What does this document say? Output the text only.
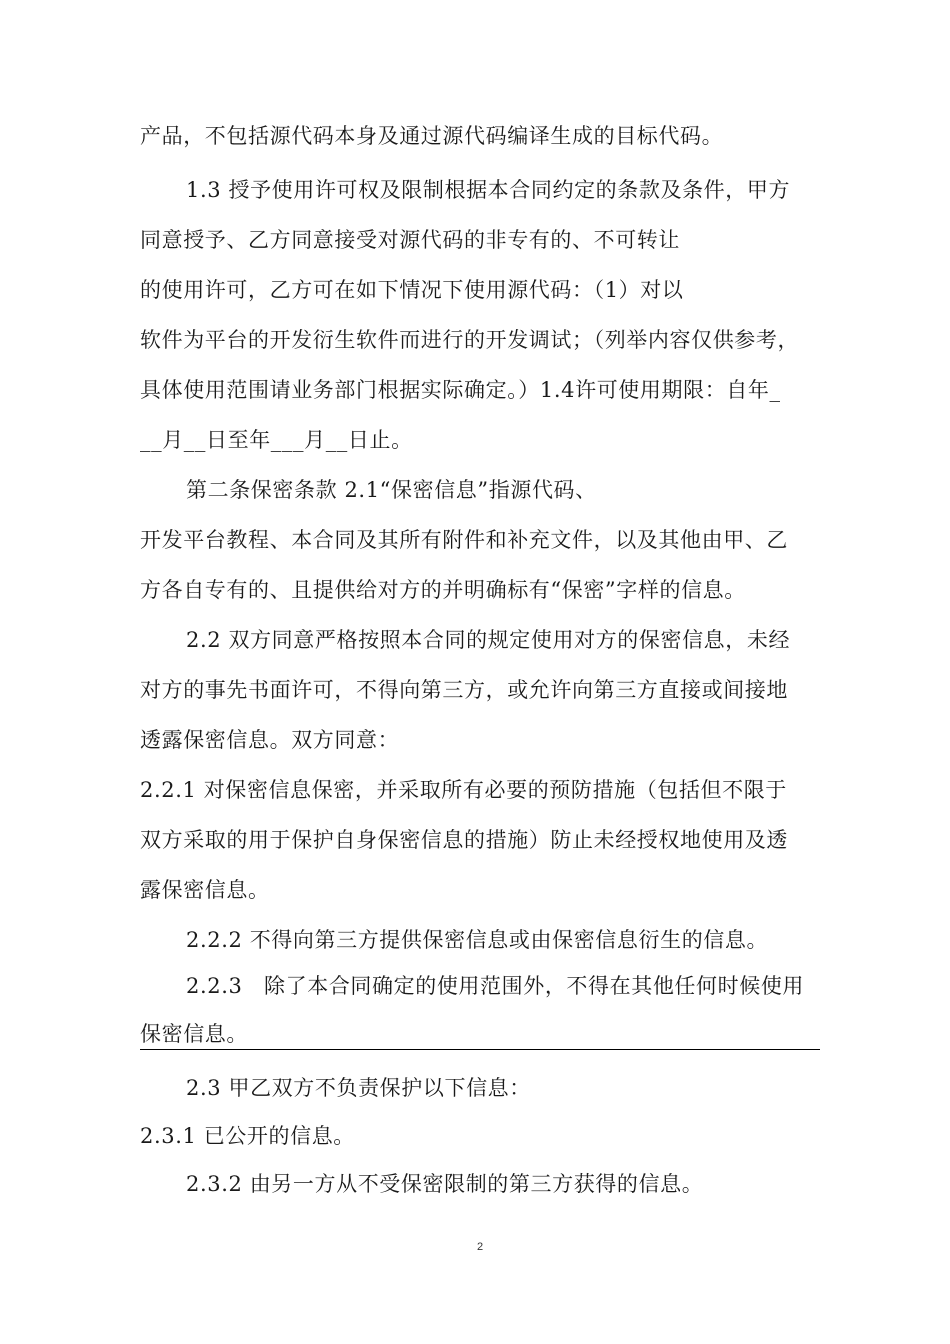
产品，不包括源代码本身及通过源代码编译生成的目标代码。
1.3 授予使用许可权及限制根据本合同约定的条款及条件，甲方
同意授予、乙方同意接受对源代码的非专有的、不可转让
的使用许可，乙方可在如下情况下使用源代码：（1）对以
软件为平台的开发衍生软件而进行的开发调试；（列举内容仅供参考，
具体使用范围请业务部门根据实际确定。）1.4许可使用期限：自年_
__月__日至年___月__日止。
第二条保密条款 2.1“保密信息”指源代码、
开发平台教程、本合同及其所有附件和补充文件，以及其他由甲、乙
方各自专有的、且提供给对方的并明确标有“保密”字样的信息。
2.2 双方同意严格按照本合同的规定使用对方的保密信息，未经
对方的事先书面许可，不得向第三方，或允许向第三方直接或间接地
透露保密信息。双方同意：
2.2.1 对保密信息保密，并采取所有必要的预防措施（包括但不限于
双方采取的用于保护自身保密信息的措施）防止未经授权地使用及透
露保密信息。
2.2.2 不得向第三方提供保密信息或由保密信息衍生的信息。
2.2.3　除了本合同确定的使用范围外，不得在其他任何时候使用
保密信息。
2.3 甲乙双方不负责保护以下信息：
2.3.1 已公开的信息。
2.3.2 由另一方从不受保密限制的第三方获得的信息。
2
